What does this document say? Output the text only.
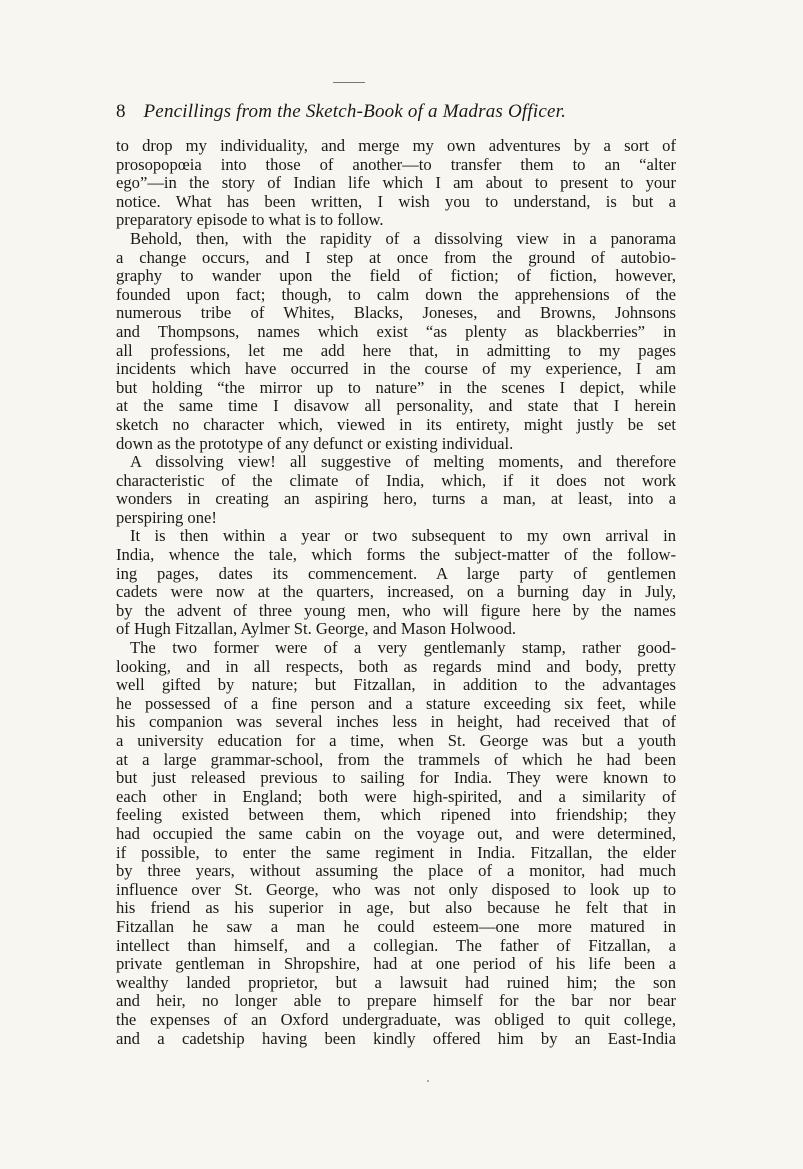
8 Pencillings from the Sketch-Book of a Madras Officer.
to drop my individuality, and merge my own adventures by a sort of
prosopopœia into those of another—to transfer them to an “alter
ego”—in the story of Indian life which I am about to present to your
notice. What has been written, I wish you to understand, is but a
preparatory episode to what is to follow.
Behold, then, with the rapidity of a dissolving view in a panorama
a change occurs, and I step at once from the ground of autobio-
graphy to wander upon the field of fiction; of fiction, however,
founded upon fact; though, to calm down the apprehensions of the
numerous tribe of Whites, Blacks, Joneses, and Browns, Johnsons
and Thompsons, names which exist “as plenty as blackberries” in
all professions, let me add here that, in admitting to my pages
incidents which have occurred in the course of my experience, I am
but holding “the mirror up to nature” in the scenes I depict, while
at the same time I disavow all personality, and state that I herein
sketch no character which, viewed in its entirety, might justly be set
down as the prototype of any defunct or existing individual.
A dissolving view! all suggestive of melting moments, and therefore
characteristic of the climate of India, which, if it does not work
wonders in creating an aspiring hero, turns a man, at least, into a
perspiring one!
It is then within a year or two subsequent to my own arrival in
India, whence the tale, which forms the subject-matter of the follow-
ing pages, dates its commencement. A large party of gentlemen
cadets were now at the quarters, increased, on a burning day in July,
by the advent of three young men, who will figure here by the names
of Hugh Fitzallan, Aylmer St. George, and Mason Holwood.
The two former were of a very gentlemanly stamp, rather good-
looking, and in all respects, both as regards mind and body, pretty
well gifted by nature; but Fitzallan, in addition to the advantages
he possessed of a fine person and a stature exceeding six feet, while
his companion was several inches less in height, had received that of
a university education for a time, when St. George was but a youth
at a large grammar-school, from the trammels of which he had been
but just released previous to sailing for India. They were known to
each other in England; both were high-spirited, and a similarity of
feeling existed between them, which ripened into friendship; they
had occupied the same cabin on the voyage out, and were determined,
if possible, to enter the same regiment in India. Fitzallan, the elder
by three years, without assuming the place of a monitor, had much
influence over St. George, who was not only disposed to look up to
his friend as his superior in age, but also because he felt that in
Fitzallan he saw a man he could esteem—one more matured in
intellect than himself, and a collegian. The father of Fitzallan, a
private gentleman in Shropshire, had at one period of his life been a
wealthy landed proprietor, but a lawsuit had ruined him; the son
and heir, no longer able to prepare himself for the bar nor bear
the expenses of an Oxford undergraduate, was obliged to quit college,
and a cadetship having been kindly offered him by an East-India
